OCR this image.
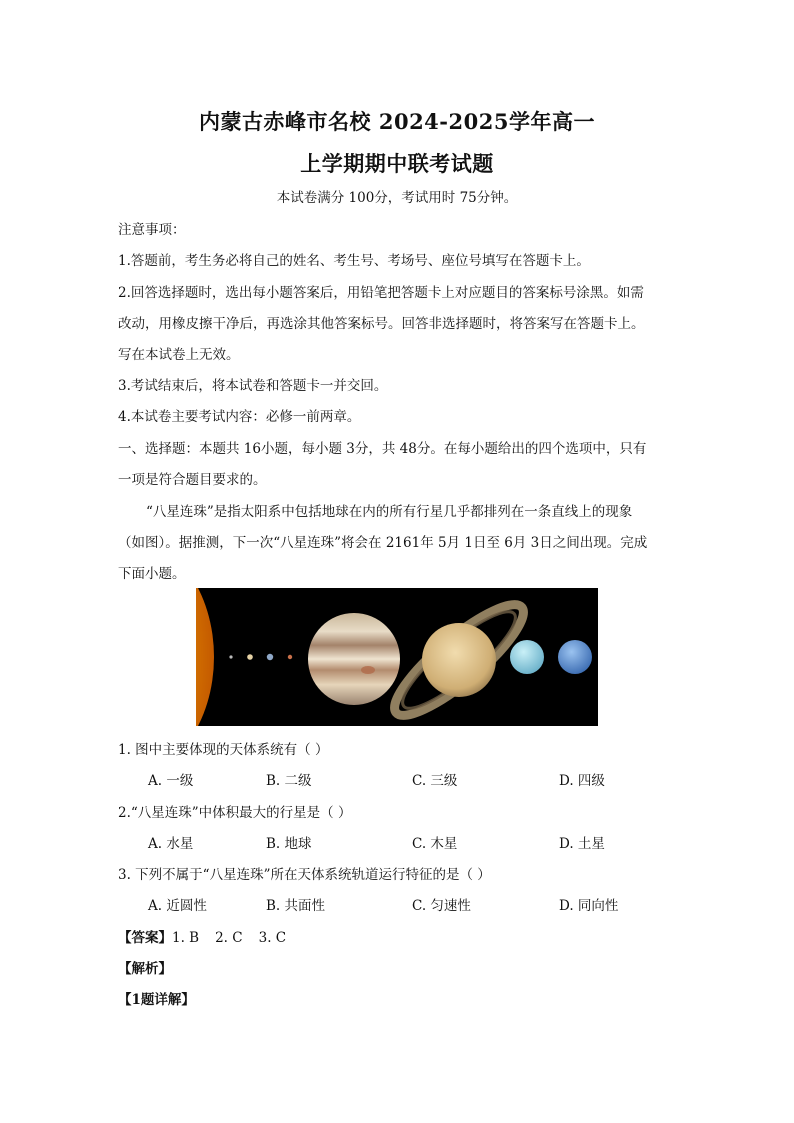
内蒙古赤峰市名校 2024-2025学年高一
上学期期中联考试题
本试卷满分 100分，考试用时 75分钟。
注意事项：
1.答题前，考生务必将自己的姓名、考生号、考场号、座位号填写在答题卡上。
2.回答选择题时，选出每小题答案后，用铅笔把答题卡上对应题目的答案标号涂黑。如需
改动，用橡皮擦干净后，再选涂其他答案标号。回答非选择题时，将答案写在答题卡上。
写在本试卷上无效。
3.考试结束后，将本试卷和答题卡一并交回。
4.本试卷主要考试内容：必修一前两章。
一、选择题：本题共 16小题，每小题 3分，共 48分。在每小题给出的四个选项中，只有
一项是符合题目要求的。
“八星连珠”是指太阳系中包括地球在内的所有行星几乎都排列在一条直线上的现象
（如图）。据推测，下一次“八星连珠”将会在 2161年 5月 1日至 6月 3日之间出现。完成
下面小题。
1. 图中主要体现的天体系统有（ ）
A. 一级	B. 二级	C. 三级	D. 四级
2.“八星连珠”中体积最大的行星是（ ）
A. 水星	B. 地球	C. 木星	D. 土星
3. 下列不属于“八星连珠”所在天体系统轨道运行特征的是（ ）
A. 近圆性	B. 共面性	C. 匀速性	D. 同向性
【答案】1. B 2. C 3. C
【解析】
【1题详解】
